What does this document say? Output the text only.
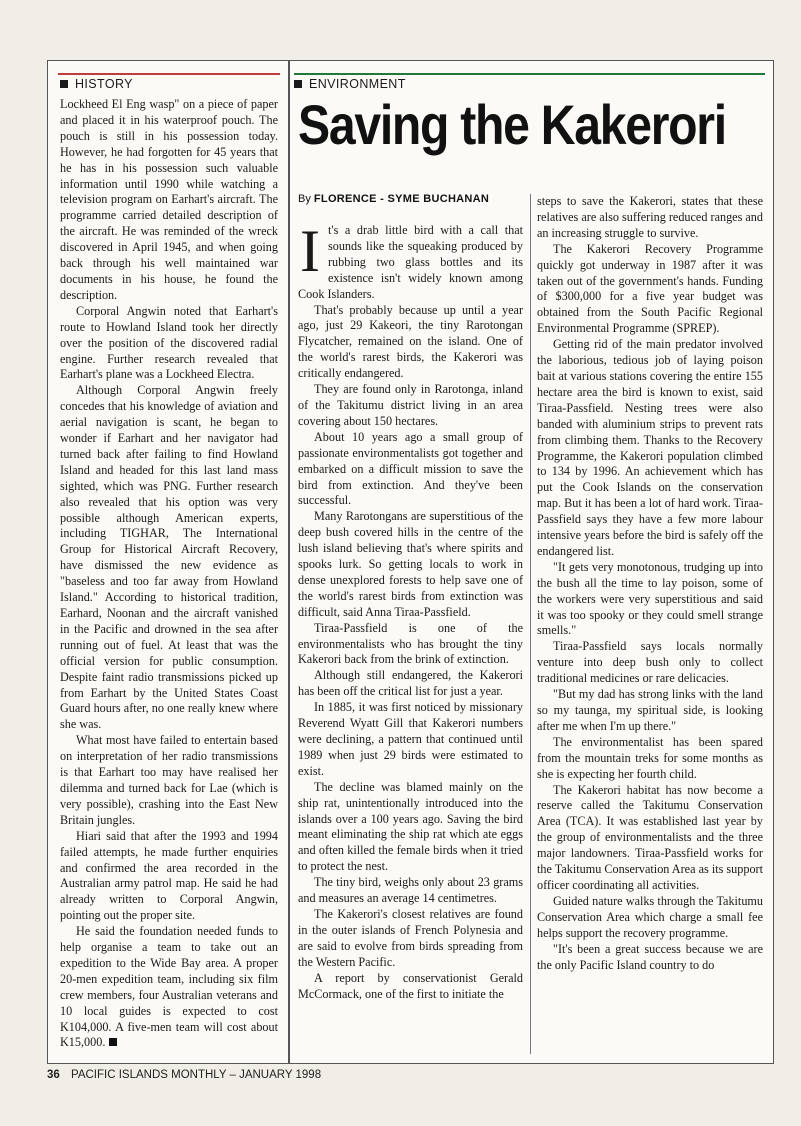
HISTORY

Lockheed El Eng wasp" on a piece of paper and placed it in his waterproof pouch. The pouch is still in his possession today. However, he had forgotten for 45 years that he has in his possession such valuable information until 1990 while watching a television program on Earhart's aircraft. The programme carried detailed description of the aircraft. He was reminded of the wreck discovered in April 1945, and when going back through his well maintained war documents in his house, he found the description.

Corporal Angwin noted that Earhart's route to Howland Island took her directly over the position of the discovered radial engine. Further research revealed that Earhart's plane was a Lockheed Electra.

Although Corporal Angwin freely concedes that his knowledge of aviation and aerial navigation is scant, he began to wonder if Earhart and her navigator had turned back after failing to find Howland Island and headed for this last land mass sighted, which was PNG. Further research also revealed that his option was very possible although American experts, including TIGHAR, The International Group for Historical Aircraft Recovery, have dismissed the new evidence as "baseless and too far away from Howland Island." According to historical tradition, Earhard, Noonan and the aircraft vanished in the Pacific and drowned in the sea after running out of fuel. At least that was the official version for public consumption. Despite faint radio transmissions picked up from Earhart by the United States Coast Guard hours after, no one really knew where she was.

What most have failed to entertain based on interpretation of her radio transmissions is that Earhart too may have realised her dilemma and turned back for Lae (which is very possible), crashing into the East New Britain jungles.

Hiari said that after the 1993 and 1994 failed attempts, he made further enquiries and confirmed the area recorded in the Australian army patrol map. He said he had already written to Corporal Angwin, pointing out the proper site.

He said the foundation needed funds to help organise a team to take out an expedition to the Wide Bay area. A proper 20-men expedition team, including six film crew members, four Australian veterans and 10 local guides is expected to cost K104,000. A five-men team will cost about K15,000.

ENVIRONMENT
Saving the Kakerori
By FLORENCE - SYME BUCHANAN

It's a drab little bird with a call that sounds like the squeaking produced by rubbing two glass bottles and its existence isn't widely known among Cook Islanders.

That's probably because up until a year ago, just 29 Kakeori, the tiny Rarotongan Flycatcher, remained on the island. One of the world's rarest birds, the Kakerori was critically endangered.

They are found only in Rarotonga, inland of the Takitumu district living in an area covering about 150 hectares.

About 10 years ago a small group of passionate environmentalists got together and embarked on a difficult mission to save the bird from extinction. And they've been successful.

Many Rarotongans are superstitious of the deep bush covered hills in the centre of the lush island believing that's where spirits and spooks lurk. So getting locals to work in dense unexplored forests to help save one of the world's rarest birds from extinction was difficult, said Anna Tiraa-Passfield.

Tiraa-Passfield is one of the environmentalists who has brought the tiny Kakerori back from the brink of extinction.

Although still endangered, the Kakerori has been off the critical list for just a year.

In 1885, it was first noticed by missionary Reverend Wyatt Gill that Kakerori numbers were declining, a pattern that continued until 1989 when just 29 birds were estimated to exist.

The decline was blamed mainly on the ship rat, unintentionally introduced into the islands over a 100 years ago. Saving the bird meant eliminating the ship rat which ate eggs and often killed the female birds when it tried to protect the nest.

The tiny bird, weighs only about 23 grams and measures an average 14 centimetres.

The Kakerori's closest relatives are found in the outer islands of French Polynesia and are said to evolve from birds spreading from the Western Pacific.

A report by conservationist Gerald McCormack, one of the first to initiate the

steps to save the Kakerori, states that these relatives are also suffering reduced ranges and an increasing struggle to survive.

The Kakerori Recovery Programme quickly got underway in 1987 after it was taken out of the government's hands. Funding of $300,000 for a five year budget was obtained from the South Pacific Regional Environmental Programme (SPREP).

Getting rid of the main predator involved the laborious, tedious job of laying poison bait at various stations covering the entire 155 hectare area the bird is known to exist, said Tiraa-Passfield. Nesting trees were also banded with aluminium strips to prevent rats from climbing them. Thanks to the Recovery Programme, the Kakerori population climbed to 134 by 1996. An achievement which has put the Cook Islands on the conservation map. But it has been a lot of hard work. Tiraa-Passfield says they have a few more labour intensive years before the bird is safely off the endangered list.

"It gets very monotonous, trudging up into the bush all the time to lay poison, some of the workers were very superstitious and said it was too spooky or they could smell strange smells."

Tiraa-Passfield says locals normally venture into deep bush only to collect traditional medicines or rare delicacies.

"But my dad has strong links with the land so my taunga, my spiritual side, is looking after me when I'm up there."

The environmentalist has been spared from the mountain treks for some months as she is expecting her fourth child.

The Kakerori habitat has now become a reserve called the Takitumu Conservation Area (TCA). It was established last year by the group of environmentalists and the three major landowners. Tiraa-Passfield works for the Takitumu Conservation Area as its support officer coordinating all activities.

Guided nature walks through the Takitumu Conservation Area which charge a small fee helps support the recovery programme.

"It's been a great success because we are the only Pacific Island country to do

36 PACIFIC ISLANDS MONTHLY – JANUARY 1998
